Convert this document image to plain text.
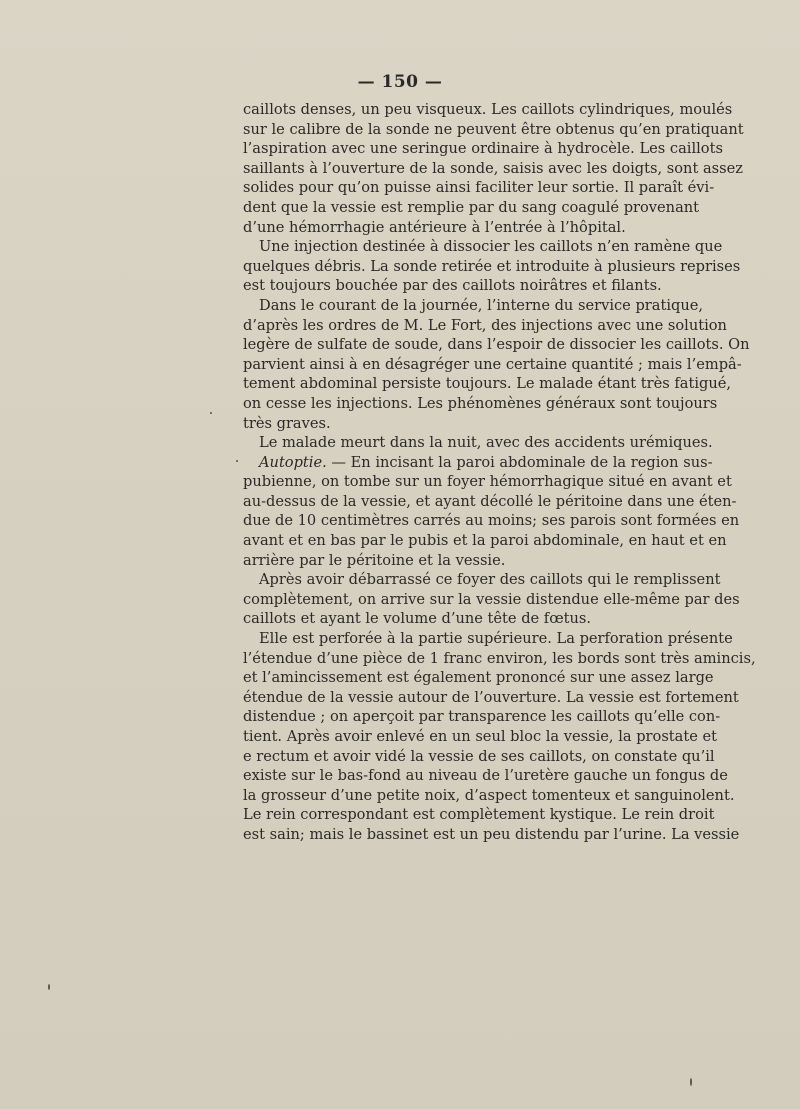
— 150 —
caillots denses, un peu visqueux. Les caillots cylindriques, moulés
sur le calibre de la sonde ne peuvent être obtenus qu’en pratiquant
l’aspiration avec une seringue ordinaire à hydrocèle. Les caillots
saillants à l’ouverture de la sonde, saisis avec les doigts, sont assez
solides pour qu’on puisse ainsi faciliter leur sortie. Il paraît évi-
dent que la vessie est remplie par du sang coagulé provenant
d’une hémorrhagie antérieure à l’entrée à l’hôpital.
Une injection destinée à dissocier les caillots n’en ramène que
quelques débris. La sonde retirée et introduite à plusieurs reprises
est toujours bouchée par des caillots noirâtres et filants.
Dans le courant de la journée, l’interne du service pratique,
d’après les ordres de M. Le Fort, des injections avec une solution
legère de sulfate de soude, dans l’espoir de dissocier les caillots. On
parvient ainsi à en désagréger une certaine quantité ; mais l’empâ-
tement abdominal persiste toujours. Le malade étant très fatigué,
on cesse les injections. Les phénomènes généraux sont toujours
très graves.
Le malade meurt dans la nuit, avec des accidents urémiques.
Autoptie. — En incisant la paroi abdominale de la region sus-
pubienne, on tombe sur un foyer hémorrhagique situé en avant et
au-dessus de la vessie, et ayant décollé le péritoine dans une éten-
due de 10 centimètres carrés au moins; ses parois sont formées en
avant et en bas par le pubis et la paroi abdominale, en haut et en
arrière par le péritoine et la vessie.
Après avoir débarrassé ce foyer des caillots qui le remplissent
complètement, on arrive sur la vessie distendue elle-même par des
caillots et ayant le volume d’une tête de fœtus.
Elle est perforée à la partie supérieure. La perforation présente
l’étendue d’une pièce de 1 franc environ, les bords sont très amincis,
et l’amincissement est également prononcé sur une assez large
étendue de la vessie autour de l’ouverture. La vessie est fortement
distendue ; on aperçoit par transparence les caillots qu’elle con-
tient. Après avoir enlevé en un seul bloc la vessie, la prostate et
e rectum et avoir vidé la vessie de ses caillots, on constate qu’il
existe sur le bas-fond au niveau de l’uretère gauche un fongus de
la grosseur d’une petite noix, d’aspect tomenteux et sanguinolent.
Le rein correspondant est complètement kystique. Le rein droit
est sain; mais le bassinet est un peu distendu par l’urine. La vessie
